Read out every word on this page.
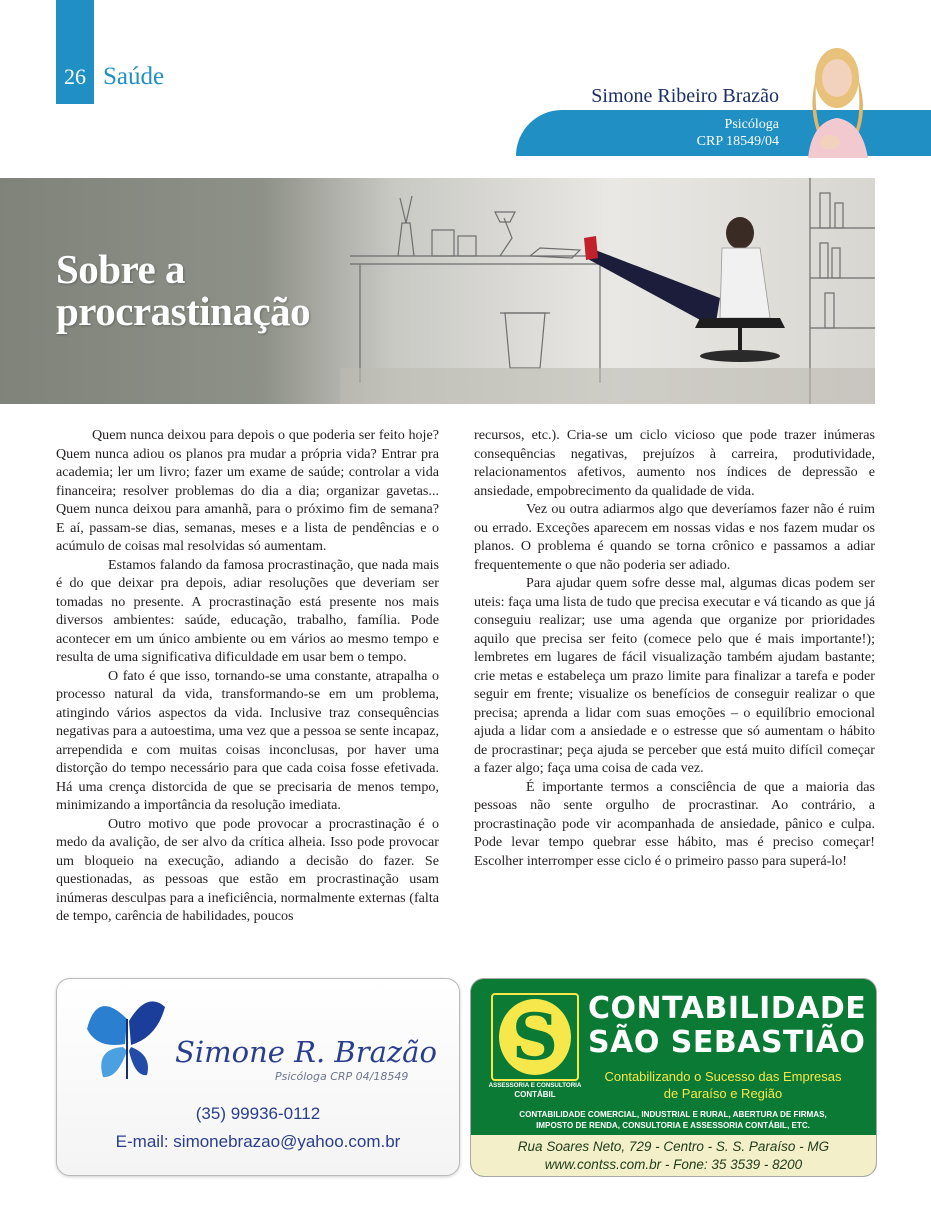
26 Saúde
Simone Ribeiro Brazão
Psicóloga
CRP 18549/04
Sobre a
procrastinação

Quem nunca deixou para depois o que poderia ser feito hoje? Quem nunca adiou os planos pra mudar a própria vida? Entrar pra academia; ler um livro; fazer um exame de saúde; controlar a vida financeira; resolver problemas do dia a dia; organizar gavetas... Quem nunca deixou para amanhã, para o próximo fim de semana? E aí, passam-se dias, semanas, meses e a lista de pendências e o acúmulo de coisas mal resolvidas só aumentam.

Estamos falando da famosa procrastinação, que nada mais é do que deixar pra depois, adiar resoluções que deveriam ser tomadas no presente. A procrastinação está presente nos mais diversos ambientes: saúde, educação, trabalho, família. Pode acontecer em um único ambiente ou em vários ao mesmo tempo e resulta de uma significativa dificuldade em usar bem o tempo.

O fato é que isso, tornando-se uma constante, atrapalha o processo natural da vida, transformando-se em um problema, atingindo vários aspectos da vida. Inclusive traz consequências negativas para a autoestima, uma vez que a pessoa se sente incapaz, arrependida e com muitas coisas inconclusas, por haver uma distorção do tempo necessário para que cada coisa fosse efetivada. Há uma crença distorcida de que se precisaria de menos tempo, minimizando a importância da resolução imediata.

Outro motivo que pode provocar a procrastinação é o medo da avalição, de ser alvo da crítica alheia. Isso pode provocar um bloqueio na execução, adiando a decisão do fazer. Se questionadas, as pessoas que estão em procrastinação usam inúmeras desculpas para a ineficiência, normalmente externas (falta de tempo, carência de habilidades, poucos

recursos, etc.). Cria-se um ciclo vicioso que pode trazer inúmeras consequências negativas, prejuízos à carreira, produtividade, relacionamentos afetivos, aumento nos índices de depressão e ansiedade, empobrecimento da qualidade de vida.

Vez ou outra adiarmos algo que deveríamos fazer não é ruim ou errado. Exceções aparecem em nossas vidas e nos fazem mudar os planos. O problema é quando se torna crônico e passamos a adiar frequentemente o que não poderia ser adiado.

Para ajudar quem sofre desse mal, algumas dicas podem ser uteis: faça uma lista de tudo que precisa executar e vá ticando as que já conseguiu realizar; use uma agenda que organize por prioridades aquilo que precisa ser feito (comece pelo que é mais importante!); lembretes em lugares de fácil visualização também ajudam bastante; crie metas e estabeleça um prazo limite para finalizar a tarefa e poder seguir em frente; visualize os benefícios de conseguir realizar o que precisa; aprenda a lidar com suas emoções – o equilíbrio emocional ajuda a lidar com a ansiedade e o estresse que só aumentam o hábito de procrastinar; peça ajuda se perceber que está muito difícil começar a fazer algo; faça uma coisa de cada vez.

É importante termos a consciência de que a maioria das pessoas não sente orgulho de procrastinar. Ao contrário, a procrastinação pode vir acompanhada de ansiedade, pânico e culpa. Pode levar tempo quebrar esse hábito, mas é preciso começar! Escolher interromper esse ciclo é o primeiro passo para superá-lo!

Simone R. Brazão
Psicóloga CRP 04/18549
(35) 99936-0112
E-mail: simonebrazao@yahoo.com.br
S
ASSESSORIA E CONSULTORIA
CONTÁBIL
CONTABILIDADE
SÃO SEBASTIÃO
Contabilizando o Sucesso das Empresas
de Paraíso e Região
CONTABILIDADE COMERCIAL, INDUSTRIAL E RURAL, ABERTURA DE FIRMAS,
IMPOSTO DE RENDA, CONSULTORIA E ASSESSORIA CONTÁBIL, ETC.
Rua Soares Neto, 729 - Centro - S. S. Paraíso - MG
www.contss.com.br - Fone: 35 3539 - 8200
